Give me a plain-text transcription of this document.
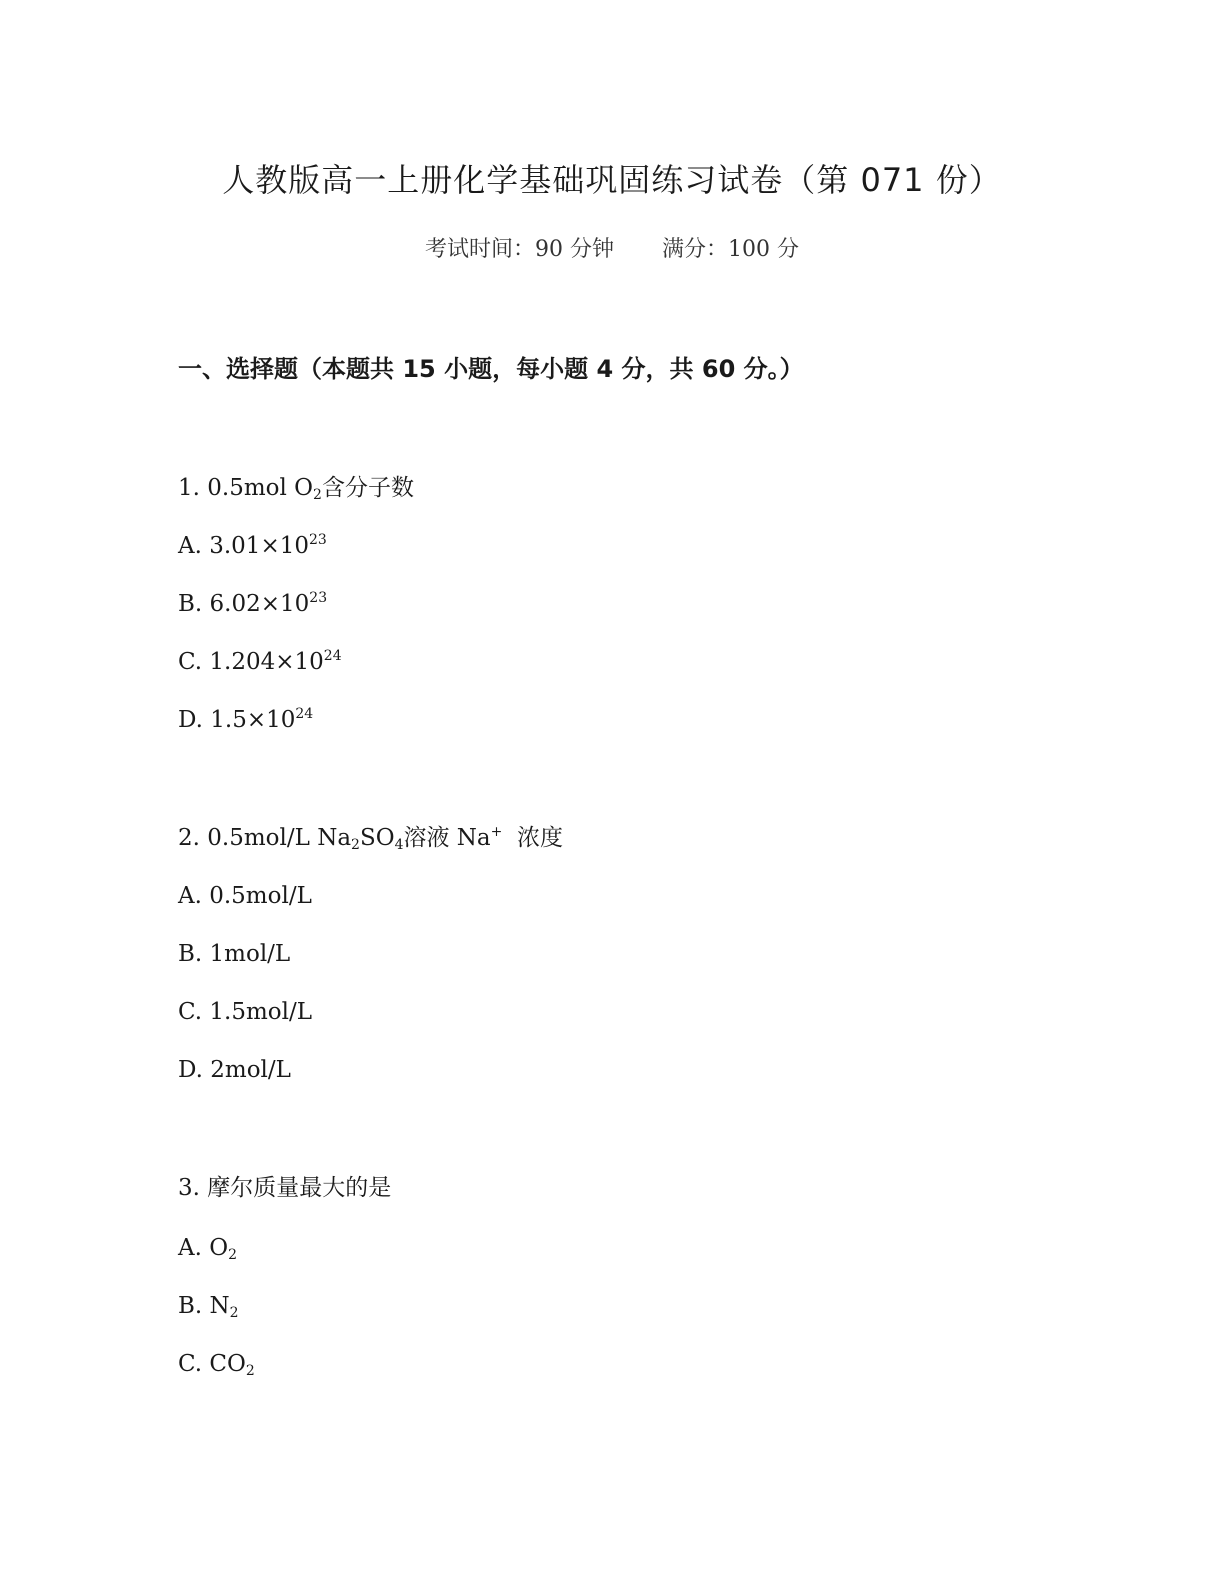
人教版高一上册化学基础巩固练习试卷（第 071 份）
考试时间：90 分钟 满分：100 分
一、选择题（本题共 15 小题，每小题 4 分，共 60 分。）
1. 0.5mol $O_2$含分子数
A. $3.01\times 10^{23}$
B. $6.02\times 10^{23}$
C. $1.204\times 10^{24}$
D. $1.5\times 10^{24}$
2. 0.5mol/L $Na_2SO_4$溶液 Na+ 浓度
A. 0.5mol/L
B. 1mol/L
C. 1.5mol/L
D. 2mol/L
3. 摩尔质量最大的是
A. $O_2$
B. $N_2$
C. $CO_2$
